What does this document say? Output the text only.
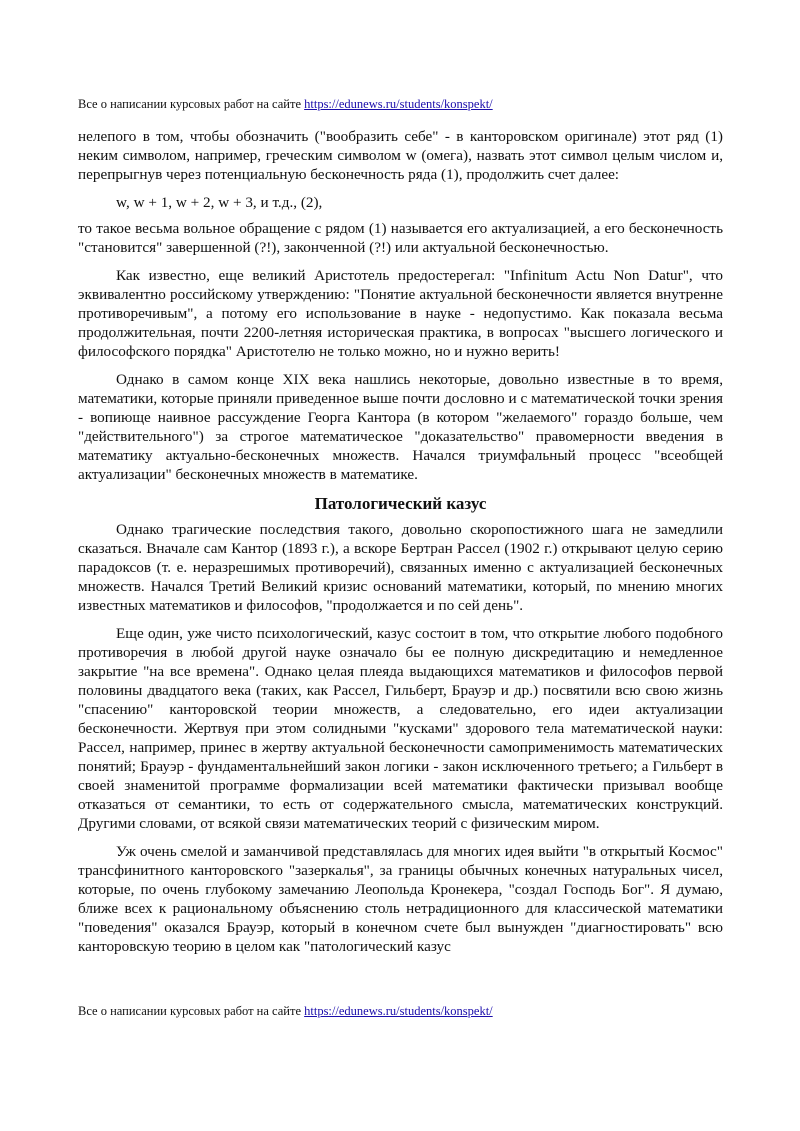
Все о написании курсовых работ на сайте https://edunews.ru/students/konspekt/

нелепого в том, чтобы обозначить ("вообразить себе" - в канторовском оригинале) этот ряд (1) неким символом, например, греческим символом w (омега), назвать этот символ целым числом и, перепрыгнув через потенциальную бесконечность ряда (1), продолжить счет далее:

w, w + 1, w + 2, w + 3, и т.д., (2),

то такое весьма вольное обращение с рядом (1) называется его актуализацией, а его бесконечность "становится" завершенной (?!), законченной (?!) или актуальной бесконечностью.

Как известно, еще великий Аристотель предостерегал: "Infinitum Actu Non Datur", что эквивалентно российскому утверждению: "Понятие актуальной бесконечности является внутренне противоречивым", а потому его использование в науке - недопустимо. Как показала весьма продолжительная, почти 2200-летняя историческая практика, в вопросах "высшего логического и философского порядка" Аристотелю не только можно, но и нужно верить!

Однако в самом конце XIX века нашлись некоторые, довольно известные в то время, математики, которые приняли приведенное выше почти дословно и с математической точки зрения - вопиюще наивное рассуждение Георга Кантора (в котором "желаемого" гораздо больше, чем "действительного") за строгое математическое "доказательство" правомерности введения в математику актуально-бесконечных множеств. Начался триумфальный процесс "всеобщей актуализации" бесконечных множеств в математике.

Патологический казус

Однако трагические последствия такого, довольно скоропостижного шага не замедлили сказаться. Вначале сам Кантор (1893 г.), а вскоре Бертран Рассел (1902 г.) открывают целую серию парадоксов (т. е. неразрешимых противоречий), связанных именно с актуализацией бесконечных множеств. Начался Третий Великий кризис оснований математики, который, по мнению многих известных математиков и философов, "продолжается и по сей день".

Еще один, уже чисто психологический, казус состоит в том, что открытие любого подобного противоречия в любой другой науке означало бы ее полную дискредитацию и немедленное закрытие "на все времена". Однако целая плеяда выдающихся математиков и философов первой половины двадцатого века (таких, как Рассел, Гильберт, Брауэр и др.) посвятили всю свою жизнь "спасению" канторовской теории множеств, а следовательно, его идеи актуализации бесконечности. Жертвуя при этом солидными "кусками" здорового тела математической науки: Рассел, например, принес в жертву актуальной бесконечности самоприменимость математических понятий; Брауэр - фундаментальнейший закон логики - закон исключенного третьего; а Гильберт в своей знаменитой программе формализации всей математики фактически призывал вообще отказаться от семантики, то есть от содержательного смысла, математических конструкций. Другими словами, от всякой связи математических теорий с физическим миром.

Уж очень смелой и заманчивой представлялась для многих идея выйти "в открытый Космос" трансфинитного канторовского "зазеркалья", за границы обычных конечных натуральных чисел, которые, по очень глубокому замечанию Леопольда Кронекера, "создал Господь Бог". Я думаю, ближе всех к рациональному объяснению столь нетрадиционного для классической математики "поведения" оказался Брауэр, который в конечном счете был вынужден "диагностировать" всю канторовскую теорию в целом как "патологический казус

Все о написании курсовых работ на сайте https://edunews.ru/students/konspekt/
